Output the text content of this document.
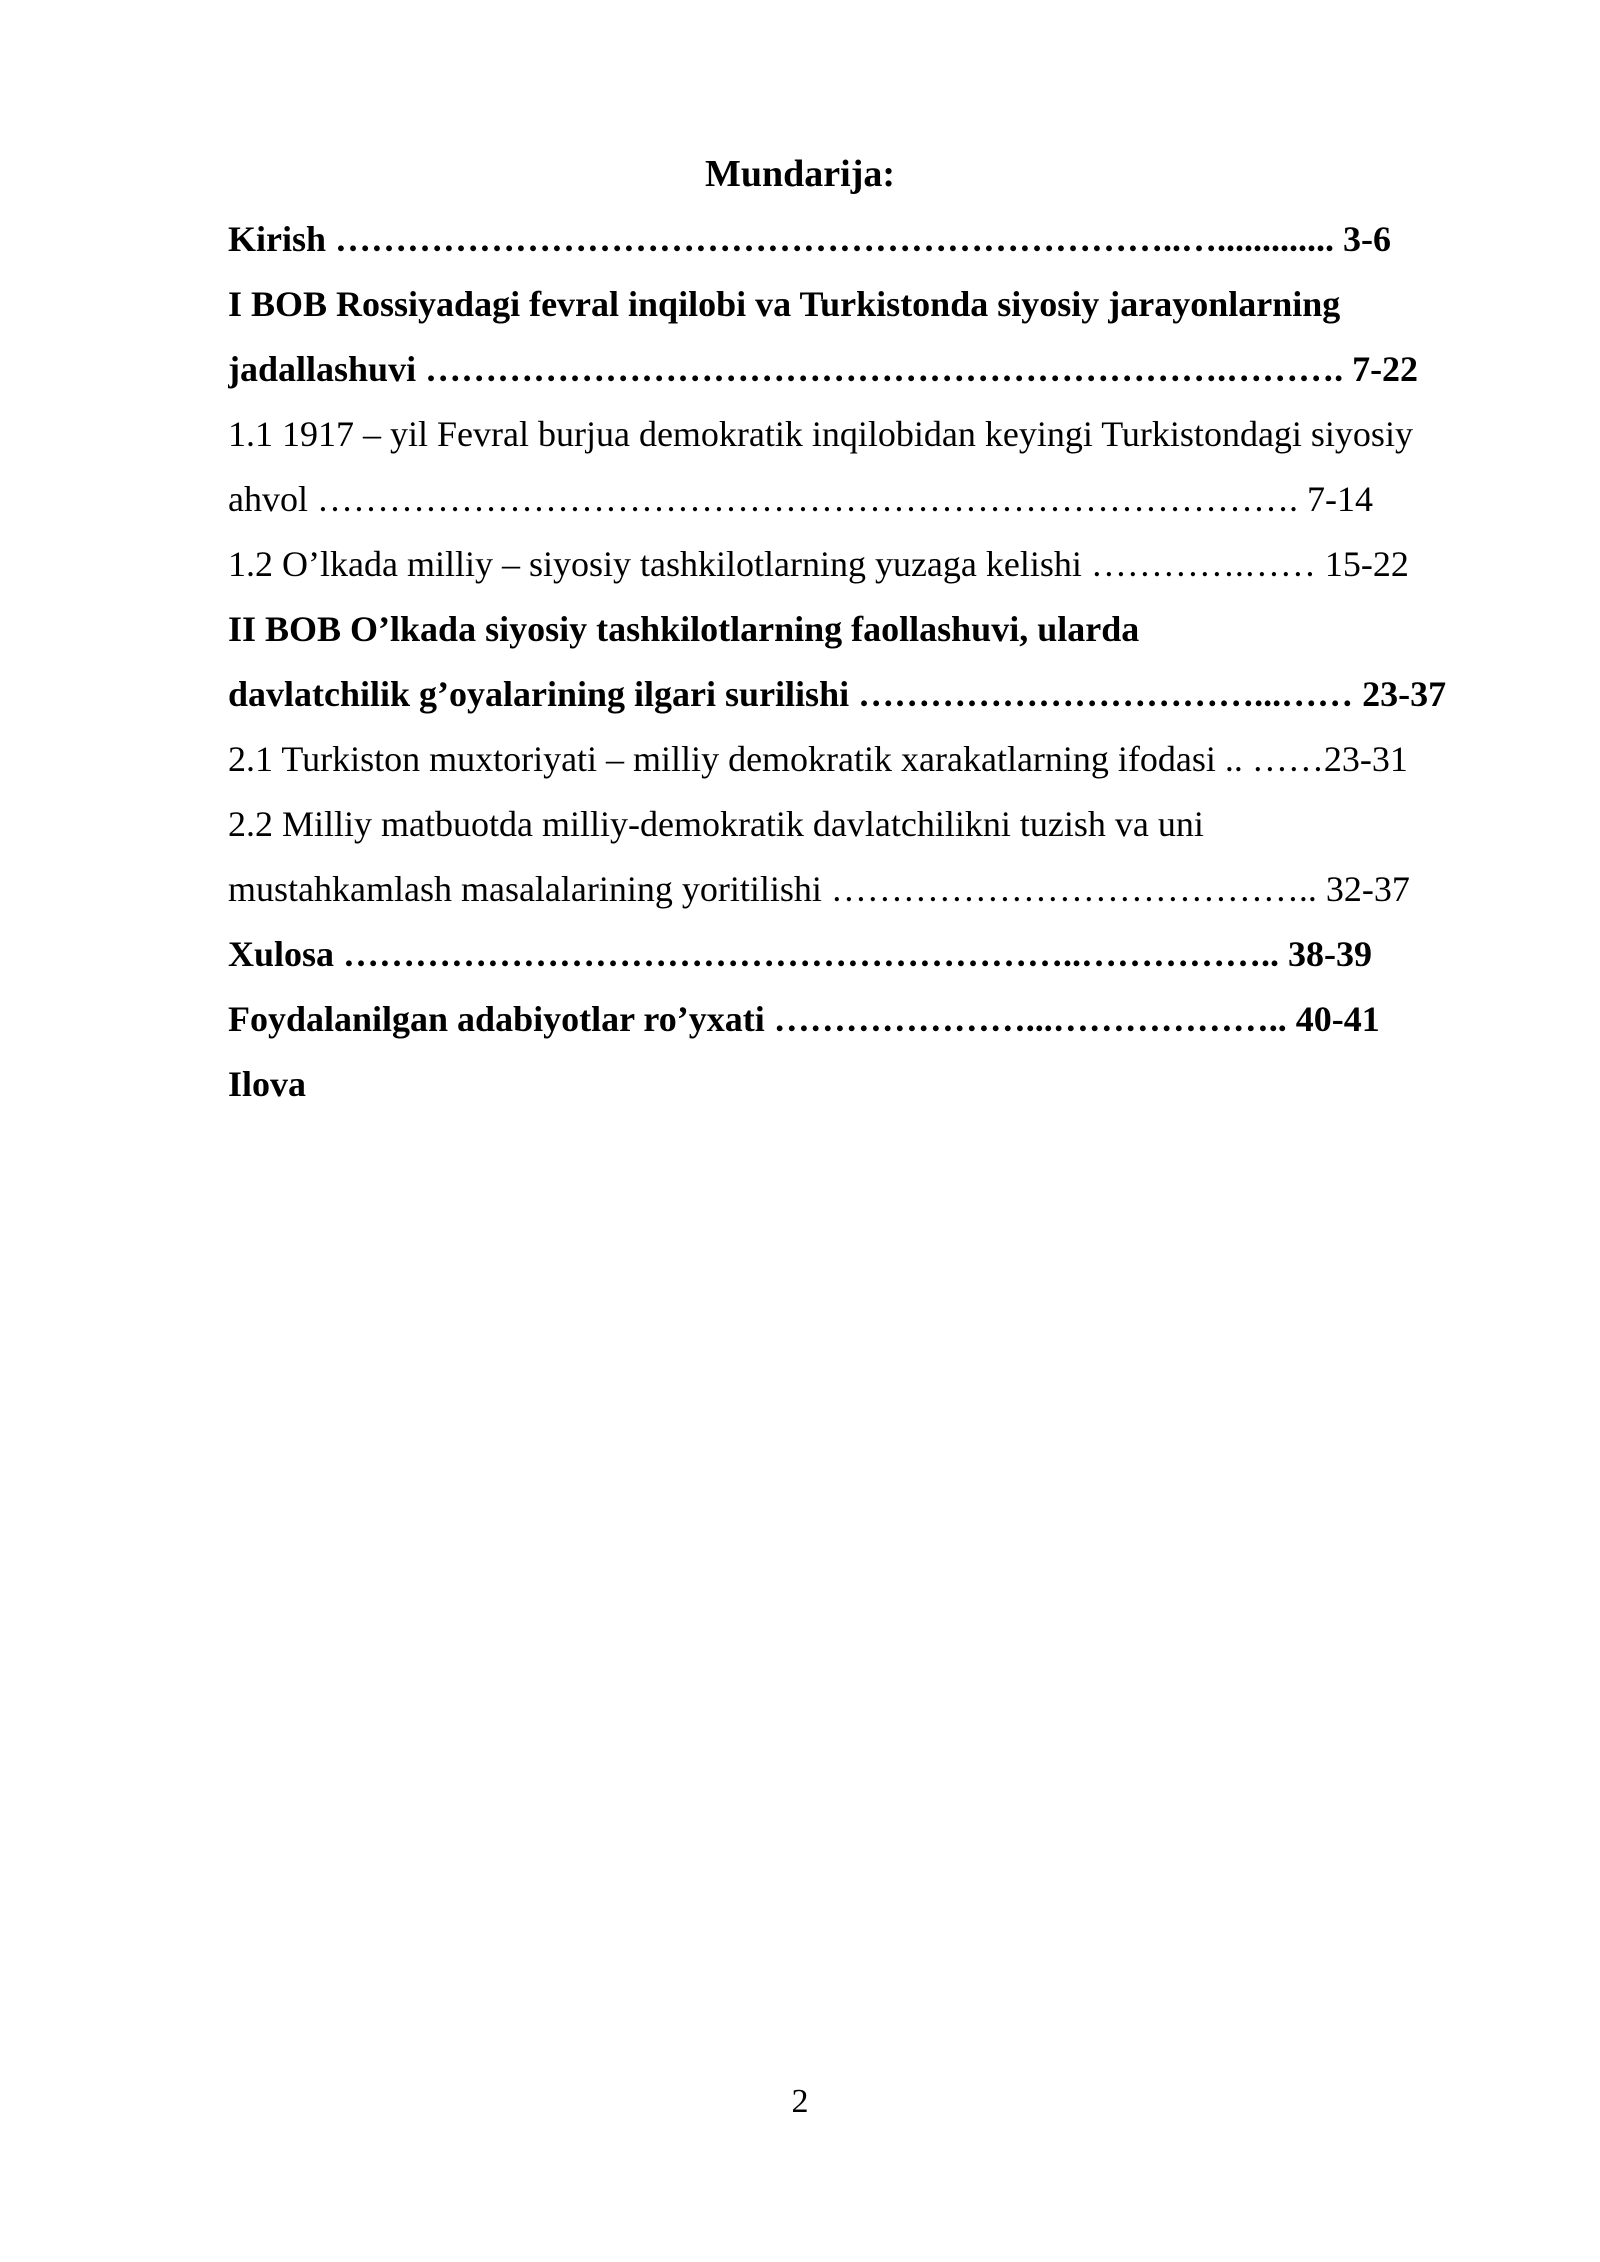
Mundarija:
Kirish ……………………………………………………………..…............. 3-6
I BOB Rossiyadagi fevral inqilobi va Turkistonda siyosiy jarayonlarning
jadallashuvi ………………………………………………………….………. 7-22
1.1 1917 – yil Fevral burjua demokratik inqilobidan keyingi Turkistondagi siyosiy
ahvol ………………………………………………………………………. 7-14
1.2 O’lkada milliy – siyosiy tashkilotlarning yuzaga kelishi ………….…… 15-22
II BOB O’lkada siyosiy tashkilotlarning faollashuvi, ularda
davlatchilik g’oyalarining ilgari surilishi ……………………………...…… 23-37
2.1 Turkiston muxtoriyati – milliy demokratik xarakatlarning ifodasi .. ……23-31
2.2 Milliy matbuotda milliy-demokratik davlatchilikni tuzish va uni
mustahkamlash masalalarining yoritilishi ………………………………….. 32-37
Xulosa ……………………………………………………..…………….. 38-39
Foydalanilgan adabiyotlar ro’yxati …………………...……………….. 40-41
Ilova
2
